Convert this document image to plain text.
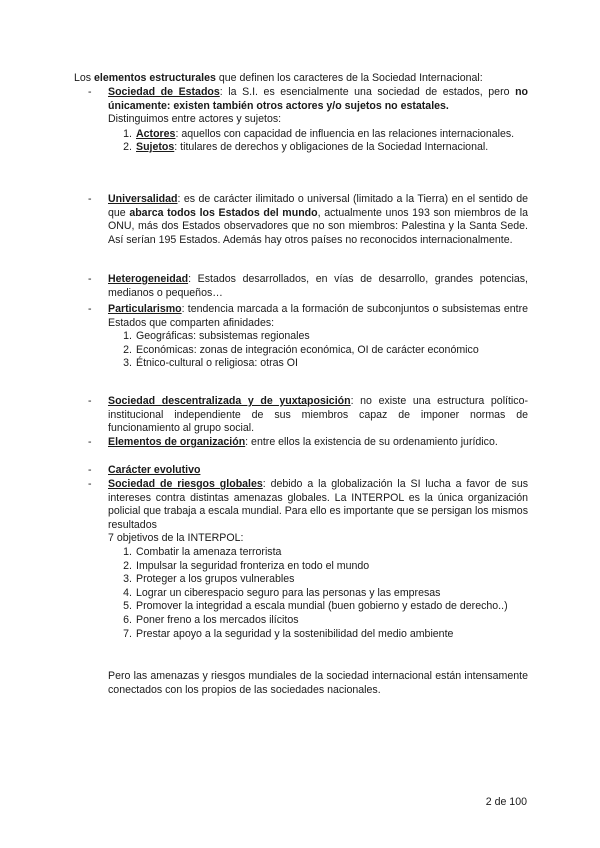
Los elementos estructurales que definen los caracteres de la Sociedad Internacional:
-	Sociedad de Estados: la S.I. es esencialmente una sociedad de estados, pero no únicamente: existen también otros actores y/o sujetos no estatales.
Distinguimos entre actores y sujetos:
1. Actores: aquellos con capacidad de influencia en las relaciones internacionales.
2. Sujetos: titulares de derechos y obligaciones de la Sociedad Internacional.
-	Universalidad: es de carácter ilimitado o universal (limitado a la Tierra) en el sentido de que abarca todos los Estados del mundo, actualmente unos 193 son miembros de la ONU, más dos Estados observadores que no son miembros: Palestina y la Santa Sede. Así serían 195 Estados. Además hay otros países no reconocidos internacionalmente.
-	Heterogeneidad: Estados desarrollados, en vías de desarrollo, grandes potencias, medianos o pequeños…
-	Particularismo: tendencia marcada a la formación de subconjuntos o subsistemas entre Estados que comparten afinidades:
1. Geográficas: subsistemas regionales
2. Económicas: zonas de integración económica, OI de carácter económico
3. Étnico-cultural o religiosa: otras OI
-	Sociedad descentralizada y de yuxtaposición: no existe una estructura político-institucional independiente de sus miembros capaz de imponer normas de funcionamiento al grupo social.
-	Elementos de organización: entre ellos la existencia de su ordenamiento jurídico.
-	Carácter evolutivo
-	Sociedad de riesgos globales: debido a la globalización la SI lucha a favor de sus intereses contra distintas amenazas globales. La INTERPOL es la única organización policial que trabaja a escala mundial. Para ello es importante que se persigan los mismos resultados
7 objetivos de la INTERPOL:
1. Combatir la amenaza terrorista
2. Impulsar la seguridad fronteriza en todo el mundo
3. Proteger a los grupos vulnerables
4. Lograr un ciberespacio seguro para las personas y las empresas
5. Promover la integridad a escala mundial (buen gobierno y estado de derecho..)
6. Poner freno a los mercados ilícitos
7. Prestar apoyo a la seguridad y la sostenibilidad del medio ambiente
Pero las amenazas y riesgos mundiales de la sociedad internacional están intensamente conectados con los propios de las sociedades nacionales.
2 de 100
